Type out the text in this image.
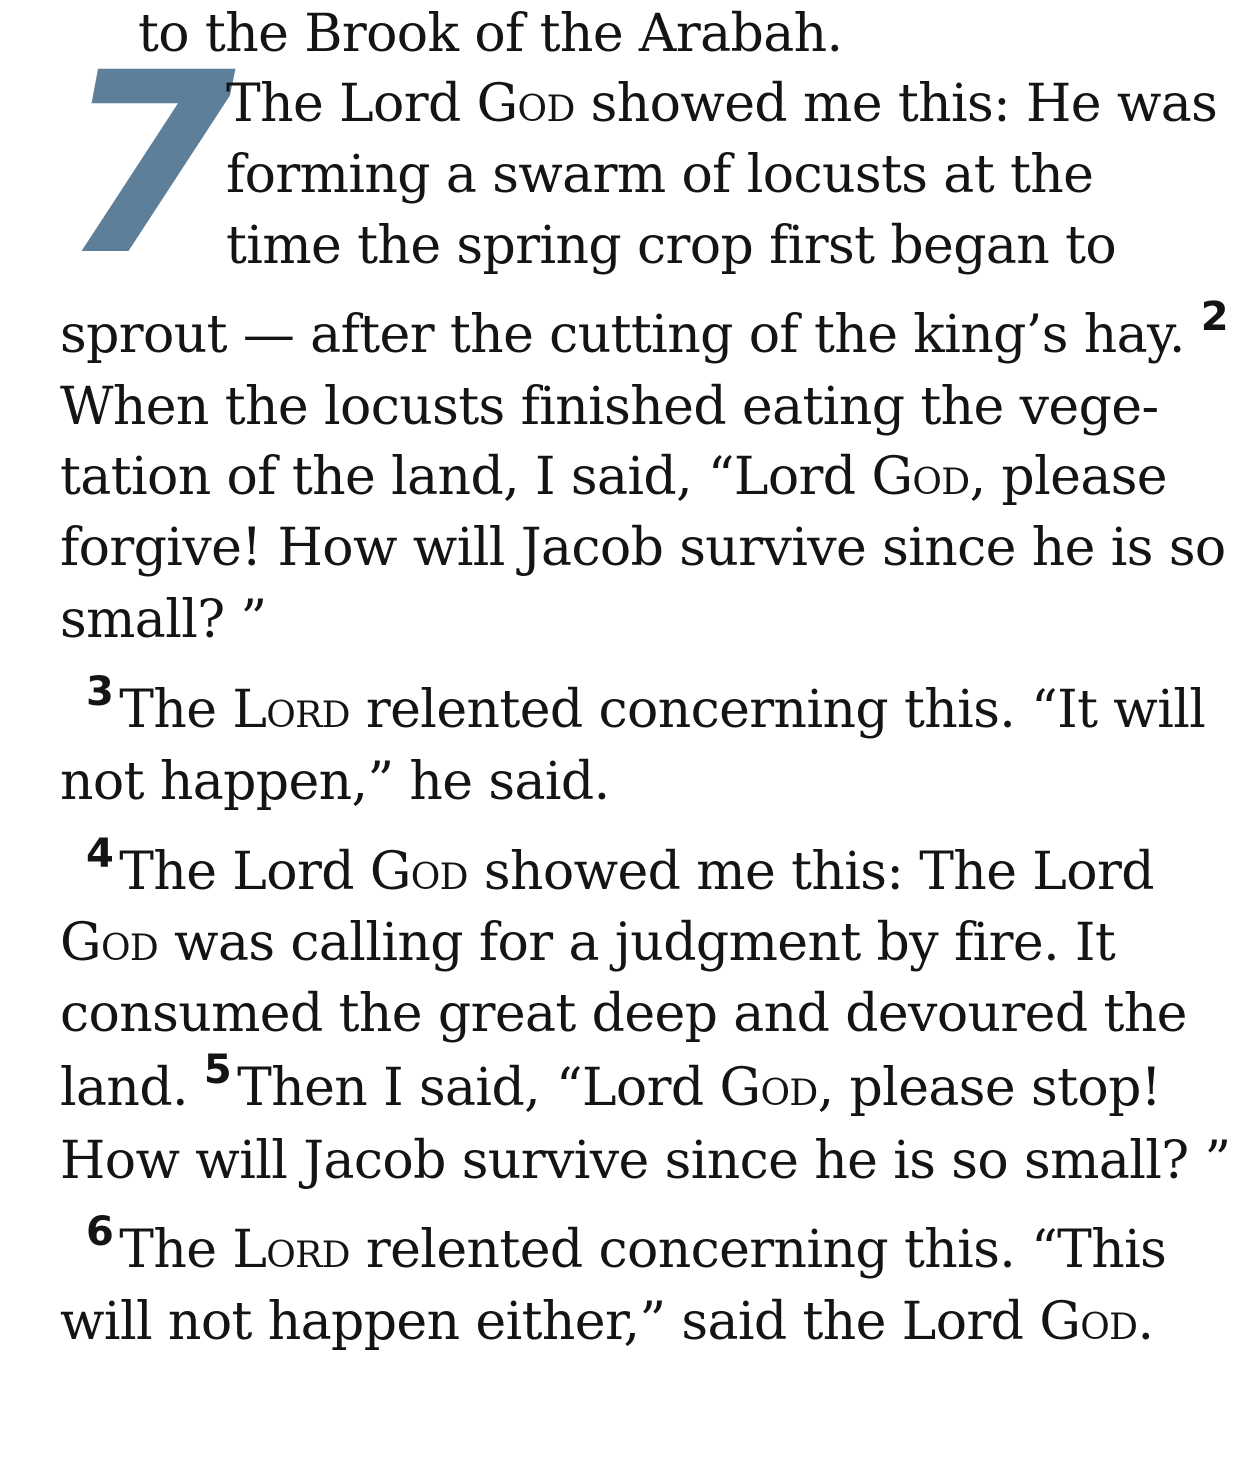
to the Brook of the Arabah.
7
The Lord God showed me this: He was
forming a swarm of locusts at the
time the spring crop first began to
sprout — after the cutting of the king’s hay. $^2$
When the locusts finished eating the vege-
tation of the land, I said, “Lord God, please
forgive! How will Jacob survive since he is so
small? ”
$^3$ The Lord relented concerning this. “It will
not happen,” he said.
$^4$ The Lord God showed me this: The Lord
God was calling for a judgment by fire. It
consumed the great deep and devoured the
land. $^5$ Then I said, “Lord God, please stop!
How will Jacob survive since he is so small? ”
$^6$ The Lord relented concerning this. “This
will not happen either,” said the Lord God.
